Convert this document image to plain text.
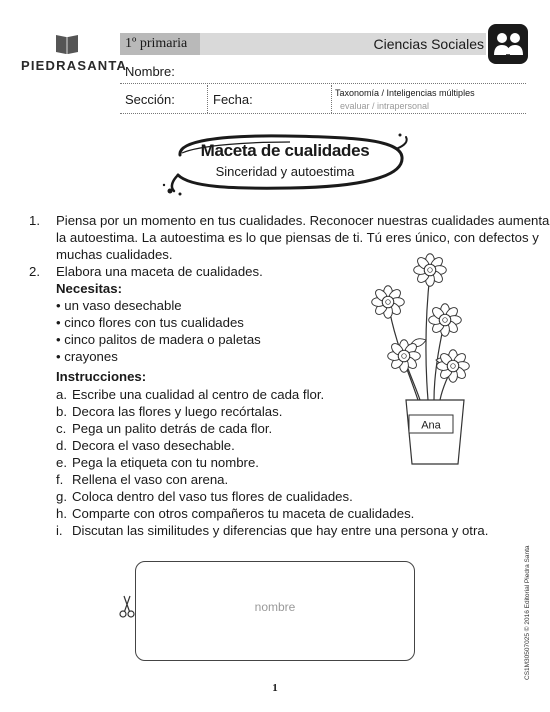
PIEDRASANTA
1º primaria	Ciencias Sociales
Nombre:
Sección:	Fecha:	Taxonomía / Inteligencias múltiples
evaluar / intrapersonal
Maceta de cualidades
Sinceridad y autoestima
1. Piensa por un momento en tus cualidades. Reconocer nuestras cualidades aumenta
la autoestima. La autoestima es lo que piensas de ti. Tú eres único, con defectos y
muchas cualidades.
2. Elabora una maceta de cualidades.
Necesitas:
• un vaso desechable
• cinco flores con tus cualidades
• cinco palitos de madera o paletas
• crayones
Instrucciones:
a. Escribe una cualidad al centro de cada flor.
b. Decora las flores y luego recórtalas.
c. Pega un palito detrás de cada flor.
d. Decora el vaso desechable.
e. Pega la etiqueta con tu nombre.
f. Rellena el vaso con arena.
g. Coloca dentro del vaso tus flores de cualidades.
h. Comparte con otros compañeros tu maceta de cualidades.
i. Discutan las similitudes y diferencias que hay entre una persona y otra.
Ana
nombre
1
CS1M30507025 © 2016 Editorial Piedra Santa
